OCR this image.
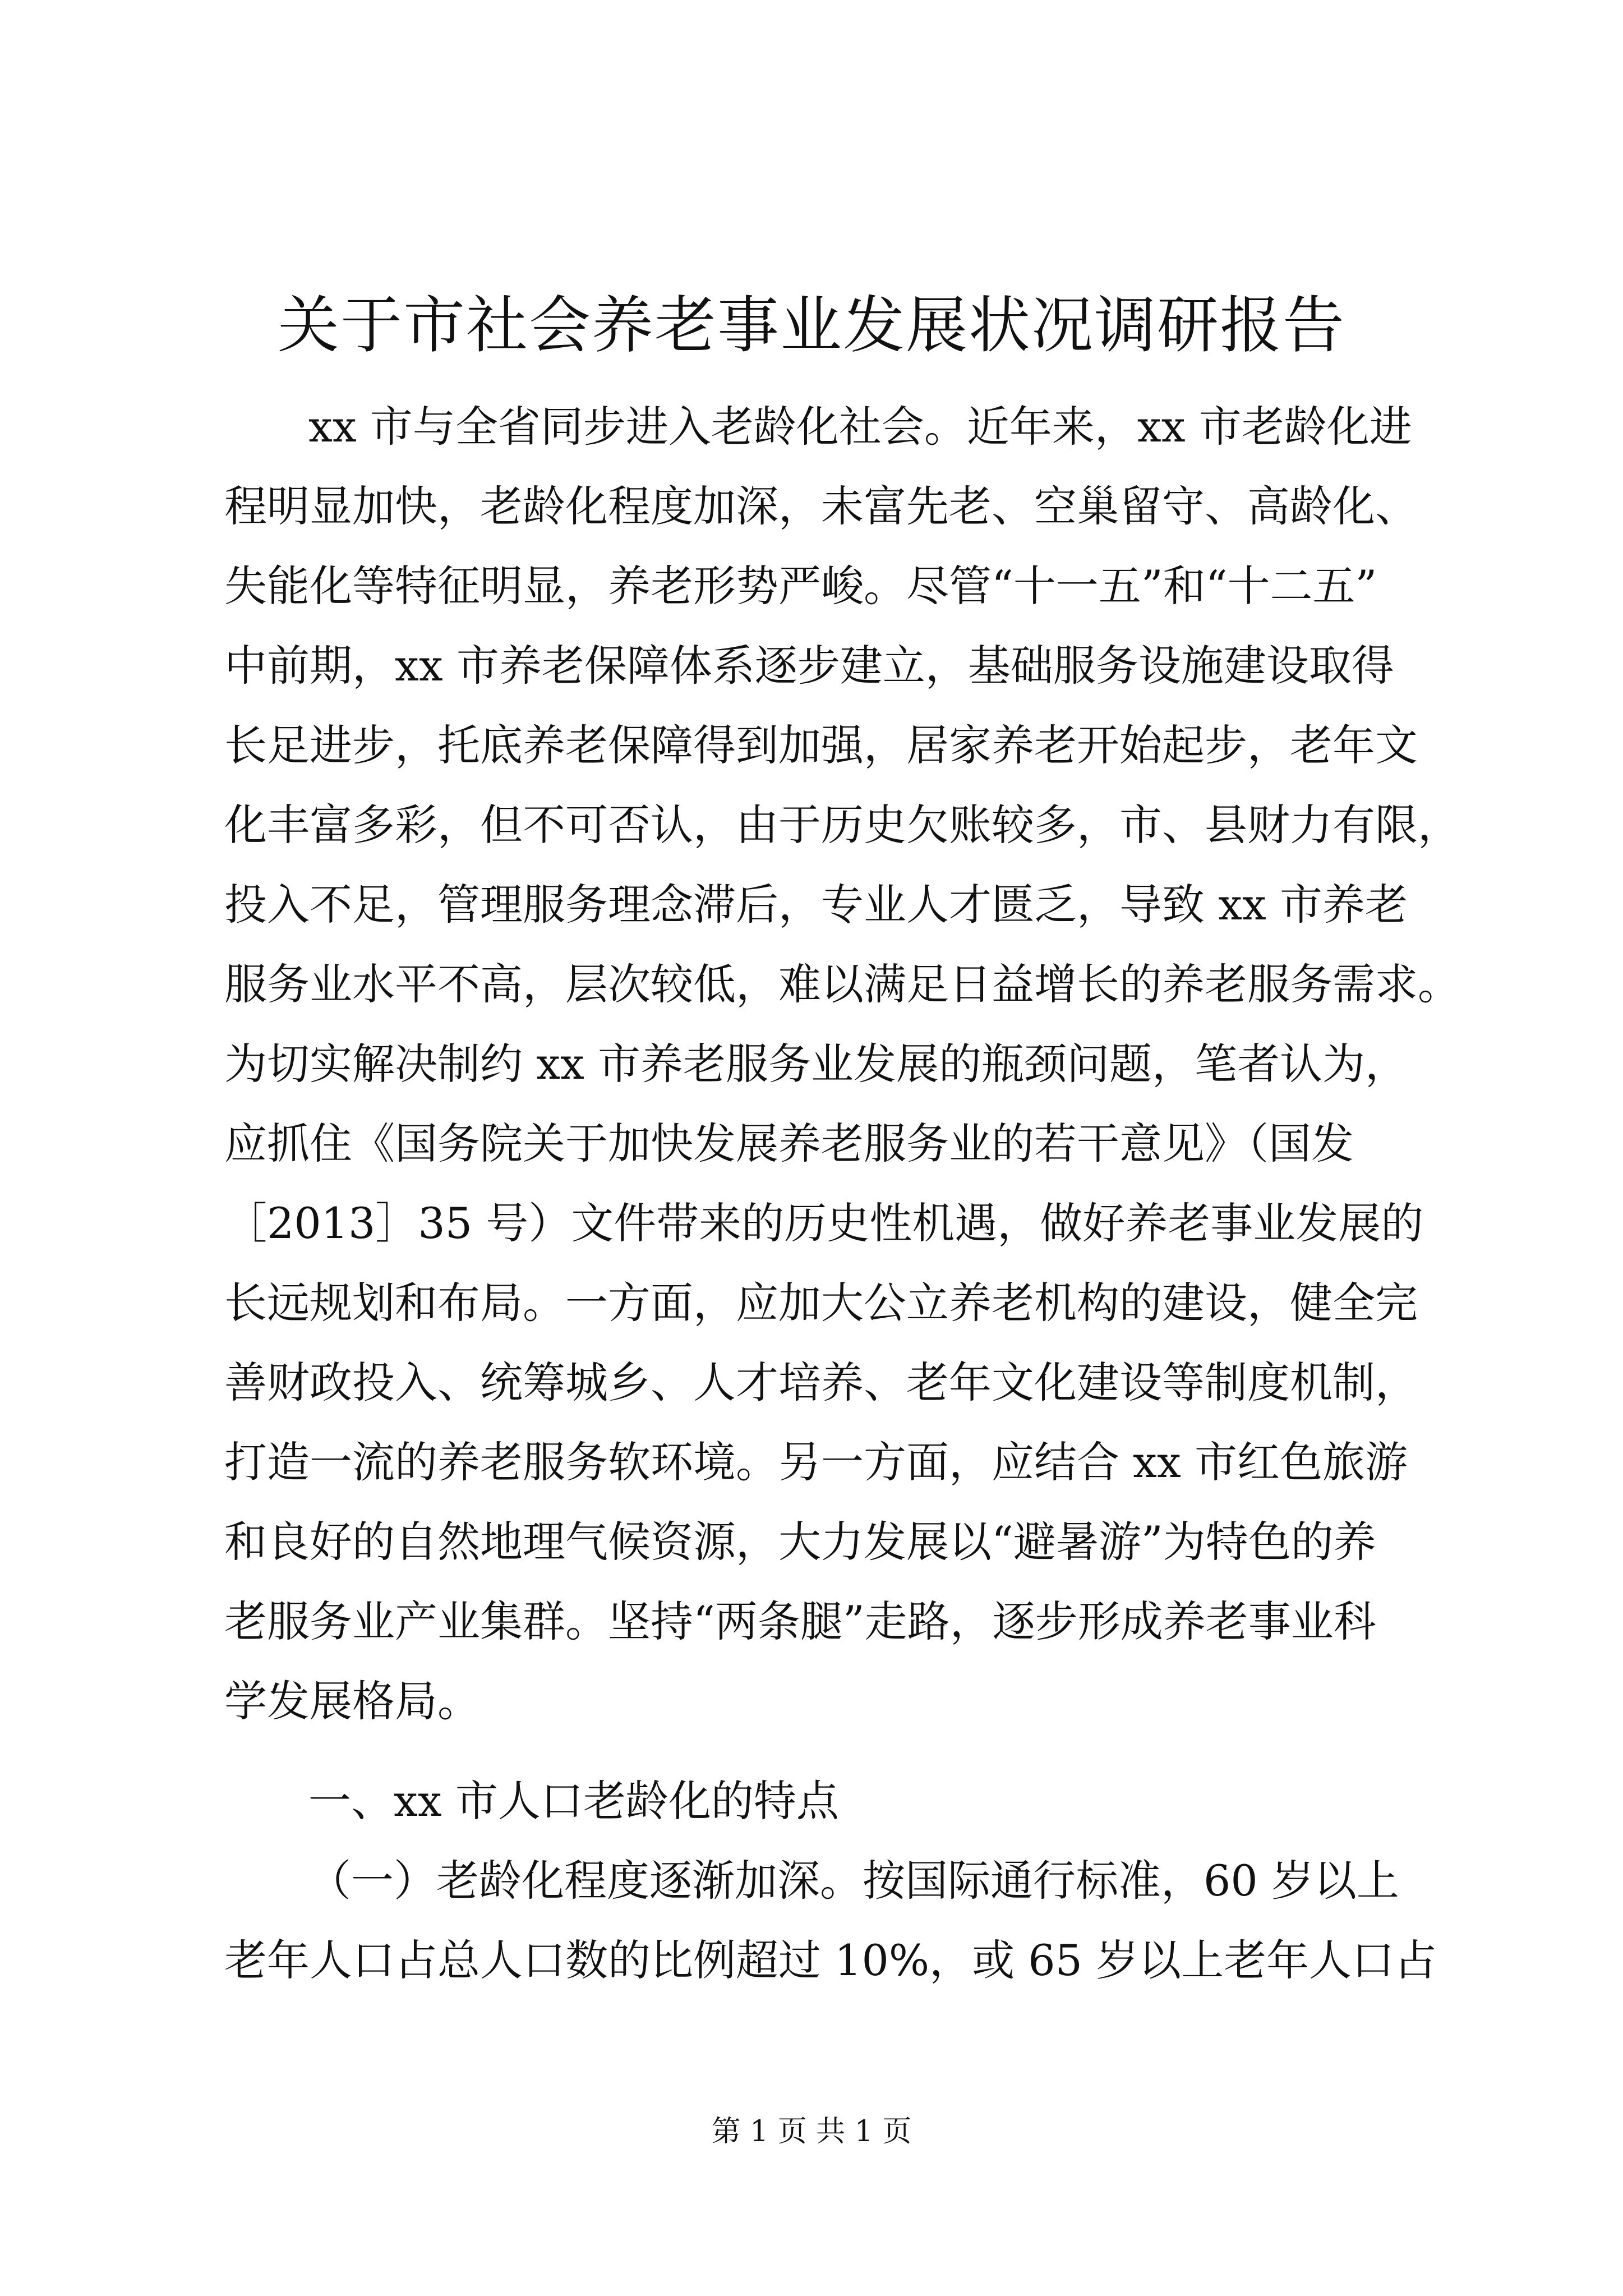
关于市社会养老事业发展状况调研报告
xx 市与全省同步进入老龄化社会。近年来，xx 市老龄化进
程明显加快，老龄化程度加深，未富先老、空巢留守、高龄化、
失能化等特征明显，养老形势严峻。尽管“十一五”和“十二五”
中前期，xx 市养老保障体系逐步建立，基础服务设施建设取得
长足进步，托底养老保障得到加强，居家养老开始起步，老年文
化丰富多彩，但不可否认，由于历史欠账较多，市、县财力有限，
投入不足，管理服务理念滞后，专业人才匮乏，导致 xx 市养老
服务业水平不高，层次较低，难以满足日益增长的养老服务需求。
为切实解决制约 xx 市养老服务业发展的瓶颈问题，笔者认为，
应抓住《国务院关于加快发展养老服务业的若干意见》（国发
［2013］35 号）文件带来的历史性机遇，做好养老事业发展的
长远规划和布局。一方面，应加大公立养老机构的建设，健全完
善财政投入、统筹城乡、人才培养、老年文化建设等制度机制，
打造一流的养老服务软环境。另一方面，应结合 xx 市红色旅游
和良好的自然地理气候资源，大力发展以“避暑游”为特色的养
老服务业产业集群。坚持“两条腿”走路，逐步形成养老事业科
学发展格局。
一、xx 市人口老龄化的特点
（一）老龄化程度逐渐加深。按国际通行标准，60 岁以上
老年人口占总人口数的比例超过 10%，或 65 岁以上老年人口占
第 1 页 共 1 页
